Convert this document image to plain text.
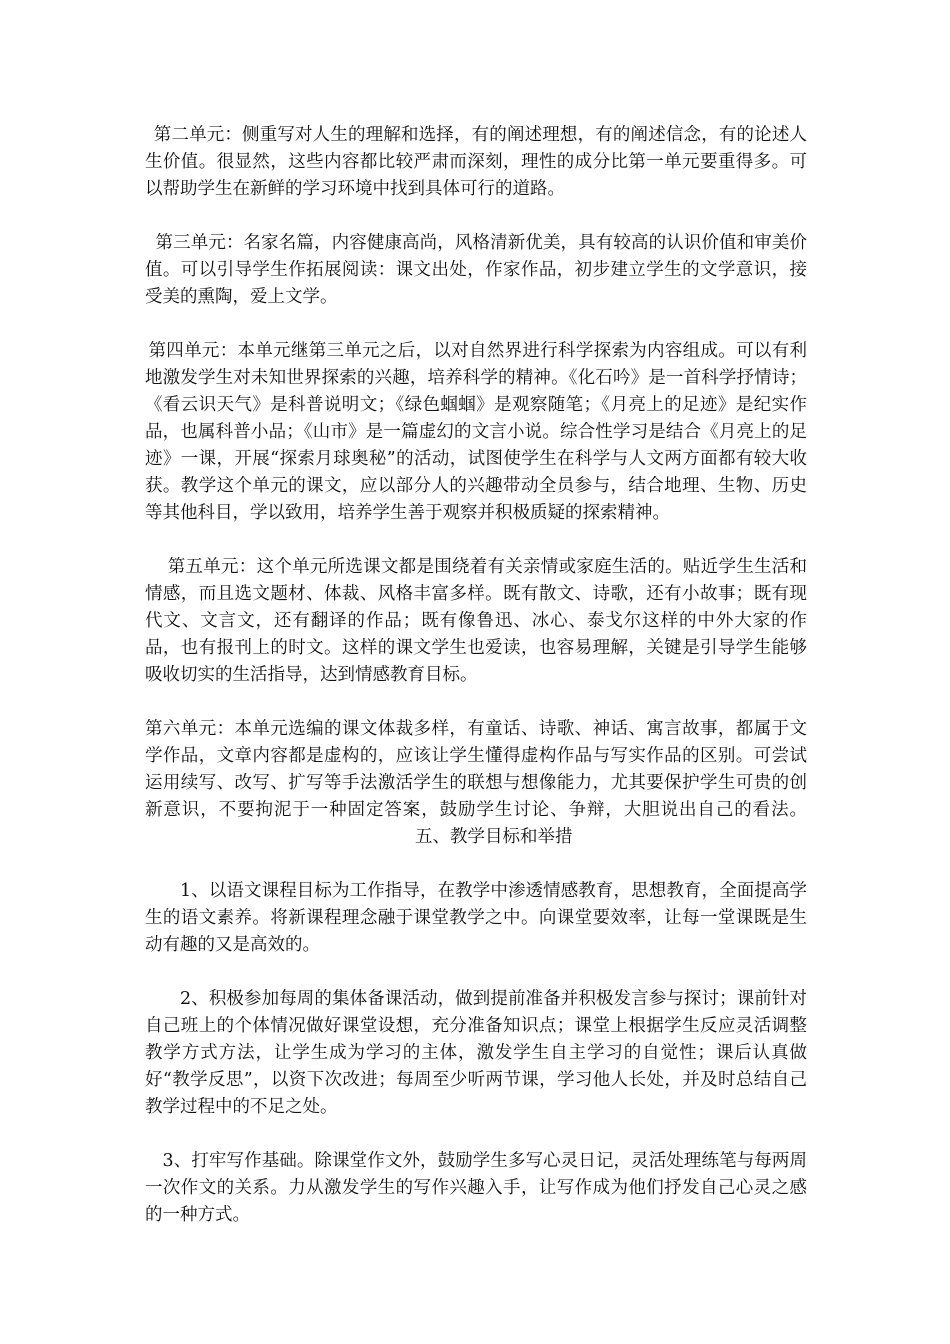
第二单元：侧重写对人生的理解和选择，有的阐述理想，有的阐述信念，有的论述人生价值。很显然，这些内容都比较严肃而深刻，理性的成分比第一单元要重得多。可以帮助学生在新鲜的学习环境中找到具体可行的道路。

第三单元：名家名篇，内容健康高尚，风格清新优美，具有较高的认识价值和审美价值。可以引导学生作拓展阅读：课文出处，作家作品，初步建立学生的文学意识，接受美的熏陶，爱上文学。

第四单元：本单元继第三单元之后，以对自然界进行科学探索为内容组成。可以有利地激发学生对未知世界探索的兴趣，培养科学的精神。《化石吟》是一首科学抒情诗；《看云识天气》是科普说明文；《绿色蝈蝈》是观察随笔；《月亮上的足迹》是纪实作品，也属科普小品；《山市》是一篇虚幻的文言小说。综合性学习是结合《月亮上的足迹》一课，开展“探索月球奥秘”的活动，试图使学生在科学与人文两方面都有较大收获。教学这个单元的课文，应以部分人的兴趣带动全员参与，结合地理、生物、历史等其他科目，学以致用，培养学生善于观察并积极质疑的探索精神。

第五单元：这个单元所选课文都是围绕着有关亲情或家庭生活的。贴近学生生活和情感，而且选文题材、体裁、风格丰富多样。既有散文、诗歌，还有小故事；既有现代文、文言文，还有翻译的作品；既有像鲁迅、冰心、泰戈尔这样的中外大家的作品，也有报刊上的时文。这样的课文学生也爱读，也容易理解，关键是引导学生能够吸收切实的生活指导，达到情感教育目标。

第六单元：本单元选编的课文体裁多样，有童话、诗歌、神话、寓言故事，都属于文学作品，文章内容都是虚构的，应该让学生懂得虚构作品与写实作品的区别。可尝试运用续写、改写、扩写等手法激活学生的联想与想像能力，尤其要保护学生可贵的创新意识，不要拘泥于一种固定答案，鼓励学生讨论、争辩，大胆说出自己的看法。五、教学目标和举措

1、以语文课程目标为工作指导，在教学中渗透情感教育，思想教育，全面提高学生的语文素养。将新课程理念融于课堂教学之中。向课堂要效率，让每一堂课既是生动有趣的又是高效的。

2、积极参加每周的集体备课活动，做到提前准备并积极发言参与探讨；课前针对自己班上的个体情况做好课堂设想，充分准备知识点；课堂上根据学生反应灵活调整教学方式方法，让学生成为学习的主体，激发学生自主学习的自觉性；课后认真做好“教学反思”，以资下次改进；每周至少听两节课，学习他人长处，并及时总结自己教学过程中的不足之处。

3、打牢写作基础。除课堂作文外，鼓励学生多写心灵日记，灵活处理练笔与每两周一次作文的关系。力从激发学生的写作兴趣入手，让写作成为他们抒发自己心灵之感的一种方式。
